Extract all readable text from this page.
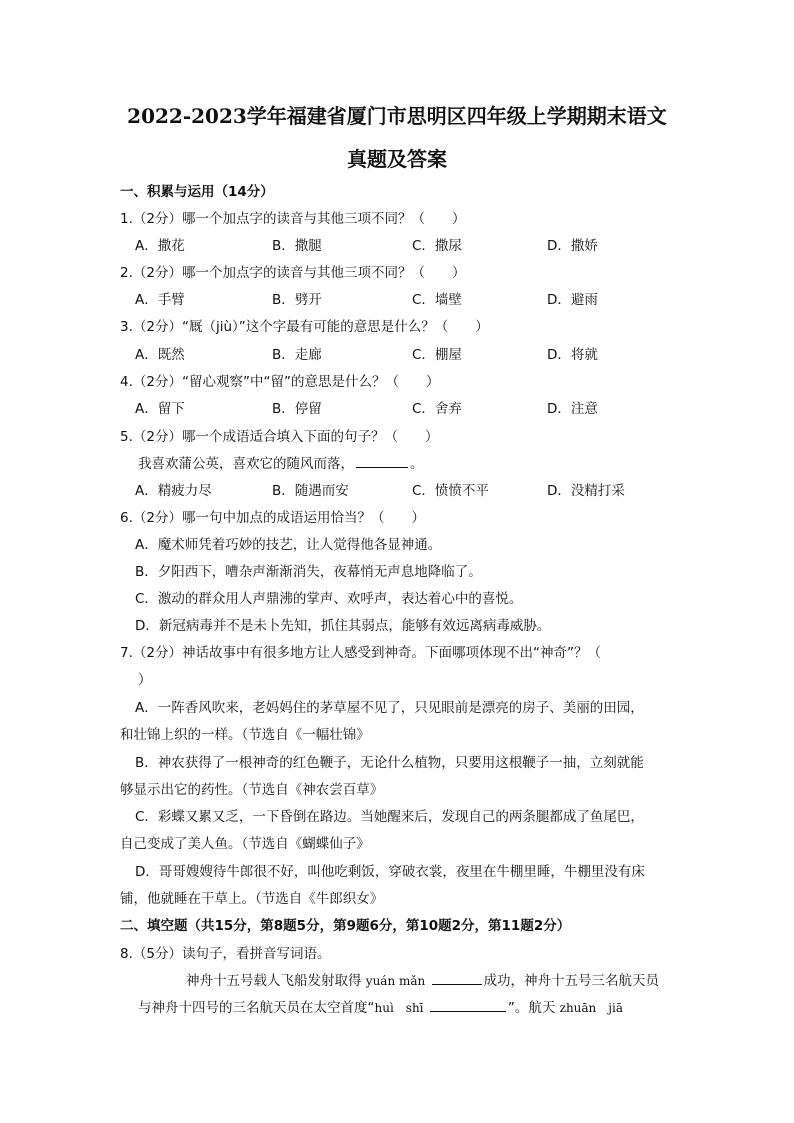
2022-2023学年福建省厦门市思明区四年级上学期期末语文
真题及答案
一、积累与运用（14分）
1.（2分）哪一个加点字的读音与其他三项不同？（　　）
A．撒花	B．撒腿	C．撒尿	D．撒娇
2.（2分）哪一个加点字的读音与其他三项不同？（　　）
A．手臂	B．劈开	C．墙壁	D．避雨
3.（2分）“厩（jiù）”这个字最有可能的意思是什么？（　　）
A．既然	B．走廊	C．棚屋	D．将就
4.（2分）“留心观察”中“留”的意思是什么？（　　）
A．留下	B．停留	C．舍弃	D．注意
5.（2分）哪一个成语适合填入下面的句子？（　　）
我喜欢蒲公英，喜欢它的随风而落，	。
A．精疲力尽	B．随遇而安	C．愤愤不平	D．没精打采
6.（2分）哪一句中加点的成语运用恰当？（　　）
A．魔术师凭着巧妙的技艺，让人觉得他各显神通。
B．夕阳西下，嘈杂声渐渐消失，夜幕悄无声息地降临了。
C．激动的群众用人声鼎沸的掌声、欢呼声，表达着心中的喜悦。
D．新冠病毒并不是未卜先知，抓住其弱点，能够有效远离病毒威胁。
7.（2分）神话故事中有很多地方让人感受到神奇。下面哪项体现不出“神奇”？（
）
A．一阵香风吹来，老妈妈住的茅草屋不见了，只见眼前是漂亮的房子、美丽的田园，
和壮锦上织的一样。（节选自《一幅壮锦》
B．神农获得了一根神奇的红色鞭子，无论什么植物，只要用这根鞭子一抽，立刻就能
够显示出它的药性。（节选自《神农尝百草》
C．彩蝶又累又乏，一下昏倒在路边。当她醒来后，发现自己的两条腿都成了鱼尾巴，
自己变成了美人鱼。（节选自《蝴蝶仙子》
D．哥哥嫂嫂待牛郎很不好，叫他吃剩饭，穿破衣裳，夜里在牛棚里睡，牛棚里没有床
铺，他就睡在干草上。（节选自《牛郎织女》
二、填空题（共15分，第8题5分，第9题6分，第10题2分，第11题2分）
8.（5分）读句子，看拼音写词语。
神舟十五号载人飞船发射取得 yuán mǎn	成功，神舟十五号三名航天员
与神舟十四号的三名航天员在太空首度“huì　shī	”。航天 zhuān　jiā
